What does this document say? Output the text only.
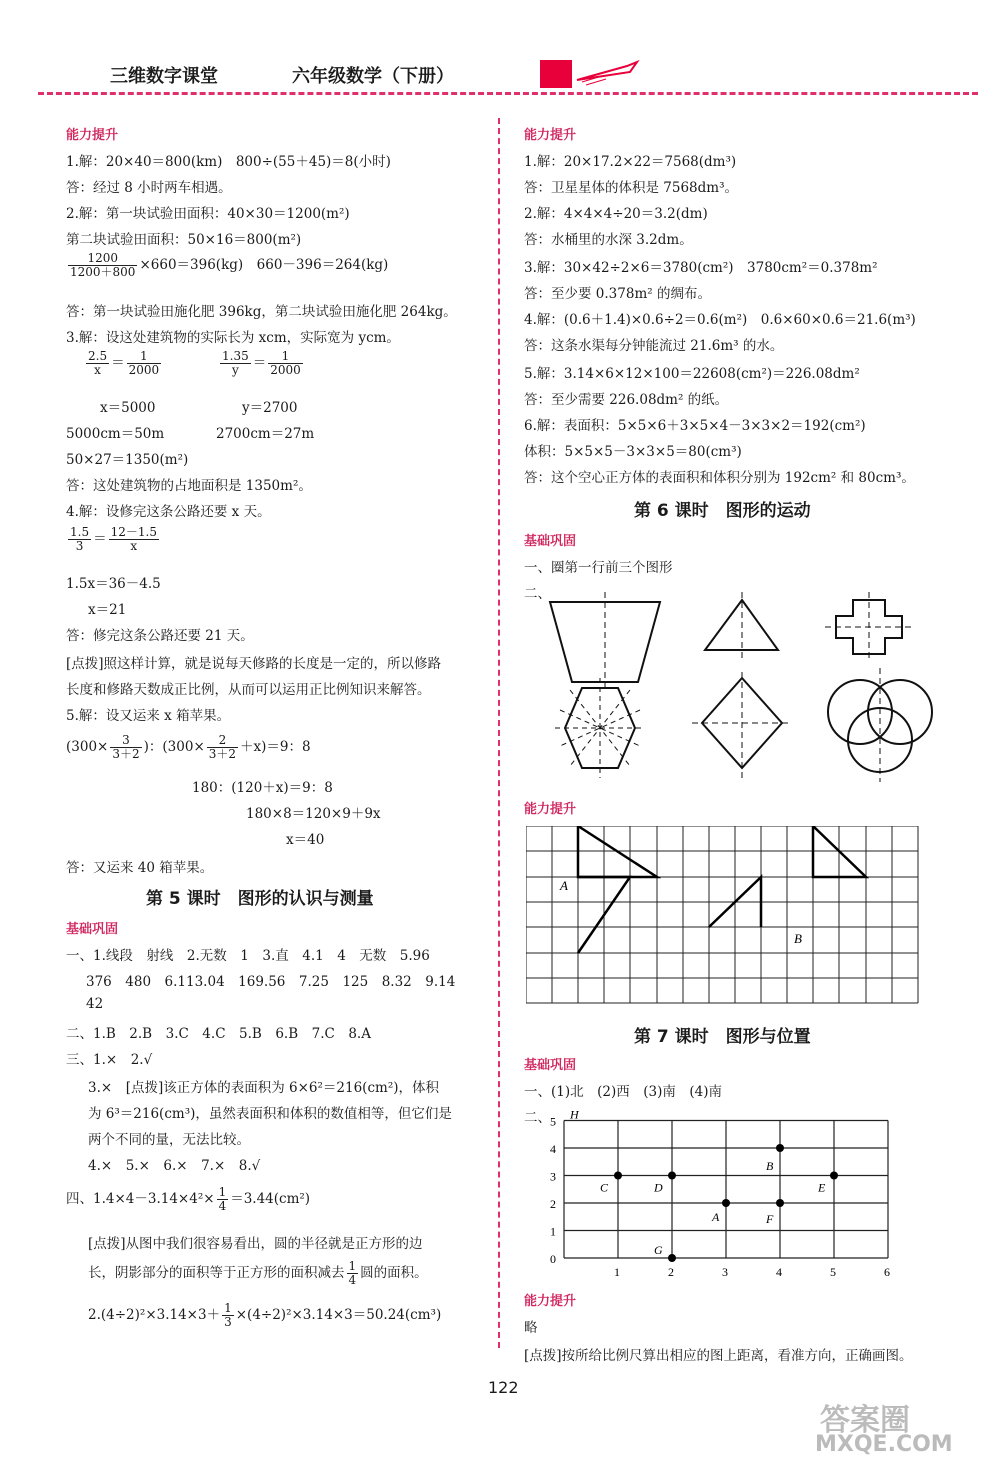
三维数字课堂	六年级数学（下册）
能力提升
1.解：20×40＝800(km)　800÷(55＋45)＝8(小时)
答：经过 8 小时两车相遇。
2.解：第一块试验田面积：40×30＝1200(m²)
第二块试验田面积：50×16＝800(m²)
$\frac{1200}{1200+800} \times 660=396(kg)$　660－396＝264(kg)
答：第一块试验田施化肥 396kg，第二块试验田施化肥 264kg。
3.解：设这处建筑物的实际长为 xcm，实际宽为 ycm。
$\frac{2.5}{x} = \frac{1}{2000}$	$\frac{1.35}{y} = \frac{1}{2000}$
x＝5000	y＝2700
5000cm＝50m	2700cm＝27m
50×27＝1350(m²)
答：这处建筑物的占地面积是 1350m²。
4.解：设修完这条公路还要 x 天。
$\frac{1.5}{3} = \frac{12-1.5}{x}$
1.5x＝36－4.5
x＝21
答：修完这条公路还要 21 天。
[点拨]照这样计算，就是说每天修路的长度是一定的，所以修路
长度和修路天数成正比例，从而可以运用正比例知识来解答。
5.解：设又运来 x 箱苹果。
($300\times \frac{3}{3+2}$ )：$(300\times \frac{2}{3+2} +x)=9$：8
180：(120＋x)＝9：8
180×8＝120×9＋9x
x＝40
答：又运来 40 箱苹果。
第 5 课时　图形的认识与测量
基础巩固
一、1.线段　射线　2.无数　1　3.直　4.1　4　无数　5.96
376　480　6.113.04　169.56　7.25　125　8.32　9.14
42
二、1.B　2.B　3.C　4.C　5.B　6.B　7.C　8.A
三、1.×　2.√
3.×　[点拨]该正方体的表面积为 6×6²＝216(cm²)，体积
为 6³＝216(cm³)，虽然表面积和体积的数值相等，但它们是
两个不同的量，无法比较。
4.×　5.×　6.×　7.×　8.√
四、$1.4\times 4-3.14\times 4^2\times \frac{1}{4} =3.44(cm^2)$
[点拨]从图中我们很容易看出，圆的半径就是正方形的边
长，阴影部分的面积等于正方形的面积减去 $\frac{1}{4}$ 圆的面积。
$2.(4\div 2)^2\times 3.14\times 3+ \frac{1}{3} \times(4\div 2)^2\times 3.14\times 3=50.24(cm^3)$
能力提升
1.解：20×17.2×22＝7568(dm³)
答：卫星星体的体积是 7568dm³。
2.解：4×4×4÷20＝3.2(dm)
答：水桶里的水深 3.2dm。
3.解：30×42÷2×6＝3780(cm²)　3780cm²＝0.378m²
答：至少要 0.378m² 的绸布。
4.解：(0.6＋1.4)×0.6÷2＝0.6(m²)　0.6×60×0.6＝21.6(m³)
答：这条水渠每分钟能流过 21.6m³ 的水。
5.解：3.14×6×12×100＝22608(cm²)＝226.08dm²
答：至少需要 226.08dm² 的纸。
6.解：表面积：5×5×6＋3×5×4－3×3×2＝192(cm²)
体积：5×5×5－3×3×5＝80(cm³)
答：这个空心正方体的表面积和体积分别为 192cm² 和 80cm³。
第 6 课时　图形的运动
基础巩固
一、圈第一行前三个图形
二、
能力提升
第 7 课时　图形与位置
基础巩固
一、(1)北　(2)西　(3)南　(4)南
二、
能力提升
略
[点拨]按所给比例尺算出相应的图上距离，看准方向，正确画图。
A
B
0
1
2
3
4
5
1	2	3	4	5	6
H
B
C	D	E
A	F
G
122
答案圈
MXQE.COM
